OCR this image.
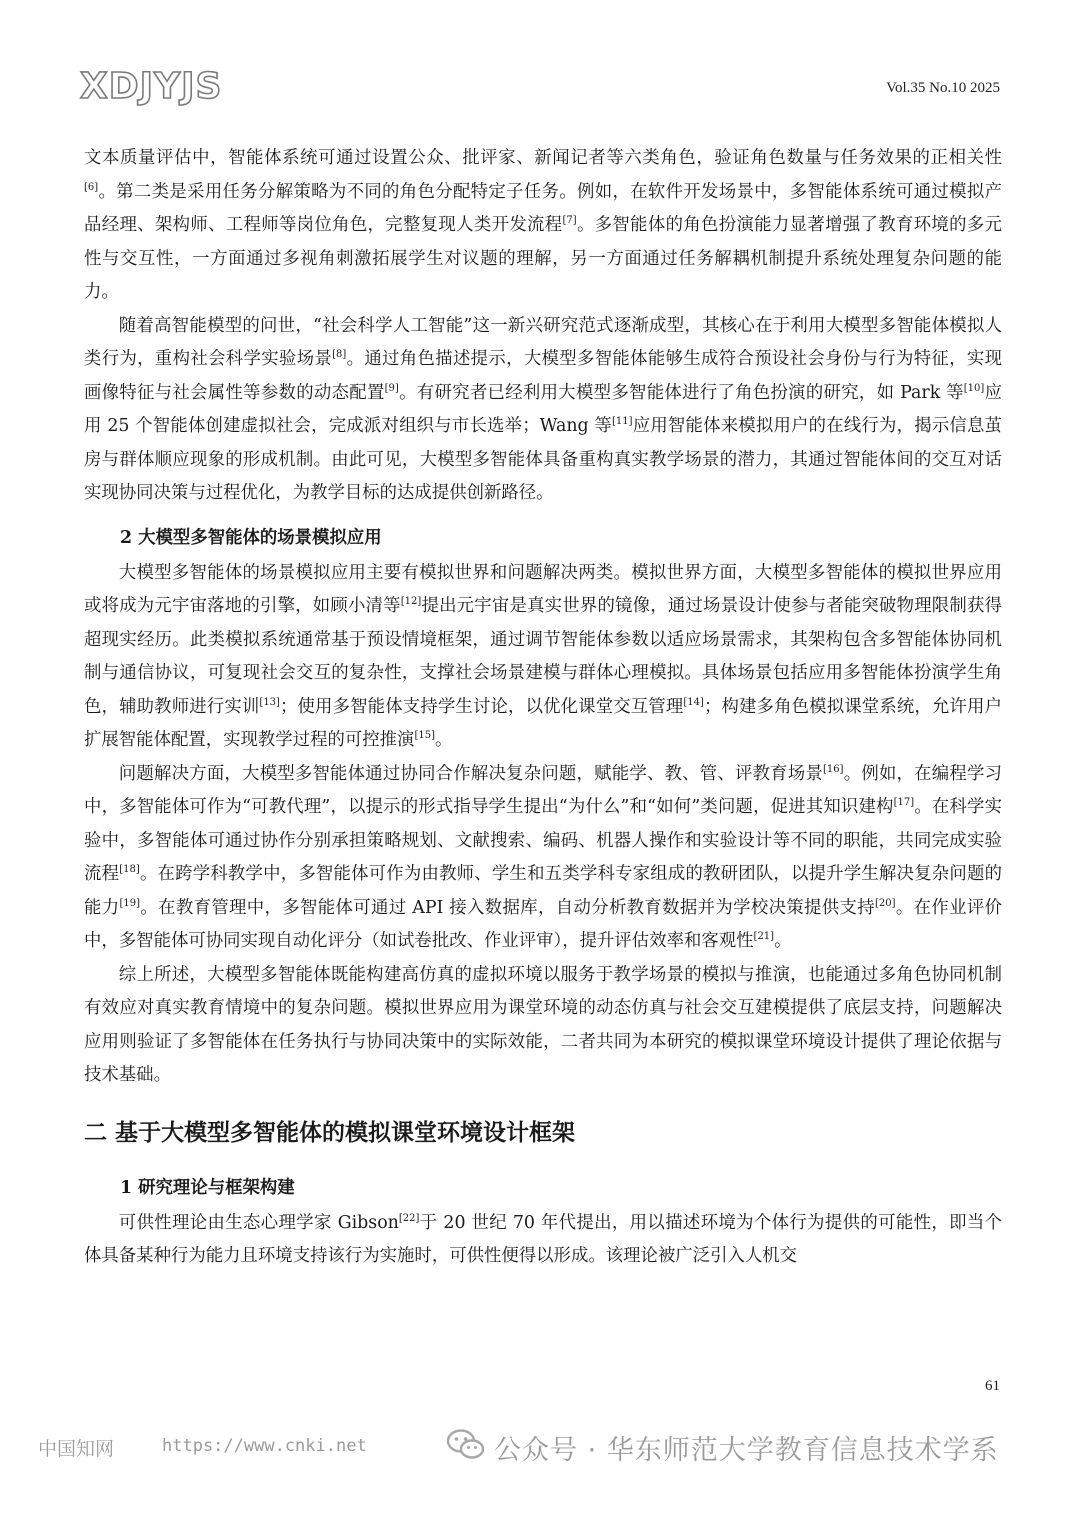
XDJYJS	Vol.35 No.10 2025

文本质量评估中，智能体系统可通过设置公众、批评家、新闻记者等六类角色，验证角色数量与任务效果的正相关性[6]。第二类是采用任务分解策略为不同的角色分配特定子任务。例如，在软件开发场景中，多智能体系统可通过模拟产品经理、架构师、工程师等岗位角色，完整复现人类开发流程[7]。多智能体的角色扮演能力显著增强了教育环境的多元性与交互性，一方面通过多视角刺激拓展学生对议题的理解，另一方面通过任务解耦机制提升系统处理复杂问题的能力。

随着高智能模型的问世，“社会科学人工智能”这一新兴研究范式逐渐成型，其核心在于利用大模型多智能体模拟人类行为，重构社会科学实验场景[8]。通过角色描述提示，大模型多智能体能够生成符合预设社会身份与行为特征，实现画像特征与社会属性等参数的动态配置[9]。有研究者已经利用大模型多智能体进行了角色扮演的研究，如 Park 等[10]应用 25 个智能体创建虚拟社会，完成派对组织与市长选举；Wang 等[11]应用智能体来模拟用户的在线行为，揭示信息茧房与群体顺应现象的形成机制。由此可见，大模型多智能体具备重构真实教学场景的潜力，其通过智能体间的交互对话实现协同决策与过程优化，为教学目标的达成提供创新路径。

2 大模型多智能体的场景模拟应用

大模型多智能体的场景模拟应用主要有模拟世界和问题解决两类。模拟世界方面，大模型多智能体的模拟世界应用或将成为元宇宙落地的引擎，如顾小清等[12]提出元宇宙是真实世界的镜像，通过场景设计使参与者能突破物理限制获得超现实经历。此类模拟系统通常基于预设情境框架，通过调节智能体参数以适应场景需求，其架构包含多智能体协同机制与通信协议，可复现社会交互的复杂性，支撑社会场景建模与群体心理模拟。具体场景包括应用多智能体扮演学生角色，辅助教师进行实训[13]；使用多智能体支持学生讨论，以优化课堂交互管理[14]；构建多角色模拟课堂系统，允许用户扩展智能体配置，实现教学过程的可控推演[15]。

问题解决方面，大模型多智能体通过协同合作解决复杂问题，赋能学、教、管、评教育场景[16]。例如，在编程学习中，多智能体可作为“可教代理”，以提示的形式指导学生提出“为什么”和“如何”类问题，促进其知识建构[17]。在科学实验中，多智能体可通过协作分别承担策略规划、文献搜索、编码、机器人操作和实验设计等不同的职能，共同完成实验流程[18]。在跨学科教学中，多智能体可作为由教师、学生和五类学科专家组成的教研团队，以提升学生解决复杂问题的能力[19]。在教育管理中，多智能体可通过 API 接入数据库，自动分析教育数据并为学校决策提供支持[20]。在作业评价中，多智能体可协同实现自动化评分（如试卷批改、作业评审），提升评估效率和客观性[21]。

综上所述，大模型多智能体既能构建高仿真的虚拟环境以服务于教学场景的模拟与推演，也能通过多角色协同机制有效应对真实教育情境中的复杂问题。模拟世界应用为课堂环境的动态仿真与社会交互建模提供了底层支持，问题解决应用则验证了多智能体在任务执行与协同决策中的实际效能，二者共同为本研究的模拟课堂环境设计提供了理论依据与技术基础。

二 基于大模型多智能体的模拟课堂环境设计框架
1 研究理论与框架构建

可供性理论由生态心理学家 Gibson[22]于 20 世纪 70 年代提出，用以描述环境为个体行为提供的可能性，即当个体具备某种行为能力且环境支持该行为实施时，可供性便得以形成。该理论被广泛引入人机交

61
中国知网	https://www.cnki.net	公众号 · 华东师范大学教育信息技术学系
